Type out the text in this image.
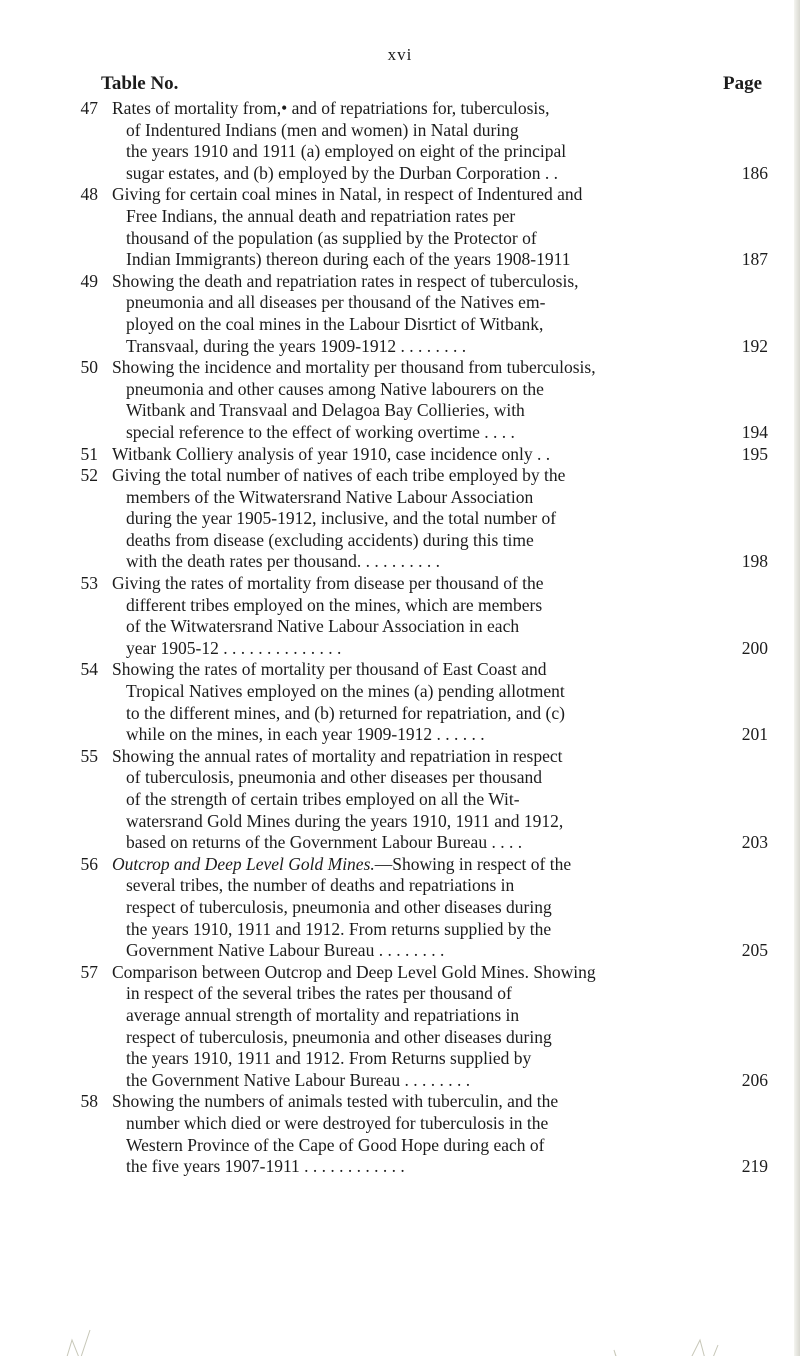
xvi
Table No.	Page
47 Rates of mortality from,• and of repatriations for, tuberculosis,
of Indentured Indians (men and women) in Natal during
the years 1910 and 1911 (a) employed on eight of the principal
sugar estates, and (b) employed by the Durban Corporation . .	186
48 Giving for certain coal mines in Natal, in respect of Indentured and
Free Indians, the annual death and repatriation rates per
thousand of the population (as supplied by the Protector of
Indian Immigrants) thereon during each of the years 1908-1911	187
49 Showing the death and repatriation rates in respect of tuberculosis,
pneumonia and all diseases per thousand of the Natives em-
ployed on the coal mines in the Labour Disrtict of Witbank,
Transvaal, during the years 1909-1912 . . . . . . . .	192
50 Showing the incidence and mortality per thousand from tuberculosis,
pneumonia and other causes among Native labourers on the
Witbank and Transvaal and Delagoa Bay Collieries, with
special reference to the effect of working overtime . . . .	194
51 Witbank Colliery analysis of year 1910, case incidence only . .	195
52 Giving the total number of natives of each tribe employed by the
members of the Witwatersrand Native Labour Association
during the year 1905-1912, inclusive, and the total number of
deaths from disease (excluding accidents) during this time
with the death rates per thousand. . . . . . . . . .	198
53 Giving the rates of mortality from disease per thousand of the
different tribes employed on the mines, which are members
of the Witwatersrand Native Labour Association in each
year 1905-12 . . . . . . . . . . . . . .	200
54 Showing the rates of mortality per thousand of East Coast and
Tropical Natives employed on the mines (a) pending allotment
to the different mines, and (b) returned for repatriation, and (c)
while on the mines, in each year 1909-1912 . . . . . .	201
55 Showing the annual rates of mortality and repatriation in respect
of tuberculosis, pneumonia and other diseases per thousand
of the strength of certain tribes employed on all the Wit-
watersrand Gold Mines during the years 1910, 1911 and 1912,
based on returns of the Government Labour Bureau . . . .	203
56 Outcrop and Deep Level Gold Mines.—Showing in respect of the
several tribes, the number of deaths and repatriations in
respect of tuberculosis, pneumonia and other diseases during
the years 1910, 1911 and 1912. From returns supplied by the
Government Native Labour Bureau . . . . . . . .	205
57 Comparison between Outcrop and Deep Level Gold Mines. Showing
in respect of the several tribes the rates per thousand of
average annual strength of mortality and repatriations in
respect of tuberculosis, pneumonia and other diseases during
the years 1910, 1911 and 1912. From Returns supplied by
the Government Native Labour Bureau . . . . . . . .	206
58 Showing the numbers of animals tested with tuberculin, and the
number which died or were destroyed for tuberculosis in the
Western Province of the Cape of Good Hope during each of
the five years 1907-1911 . . . . . . . . . . . .	219
